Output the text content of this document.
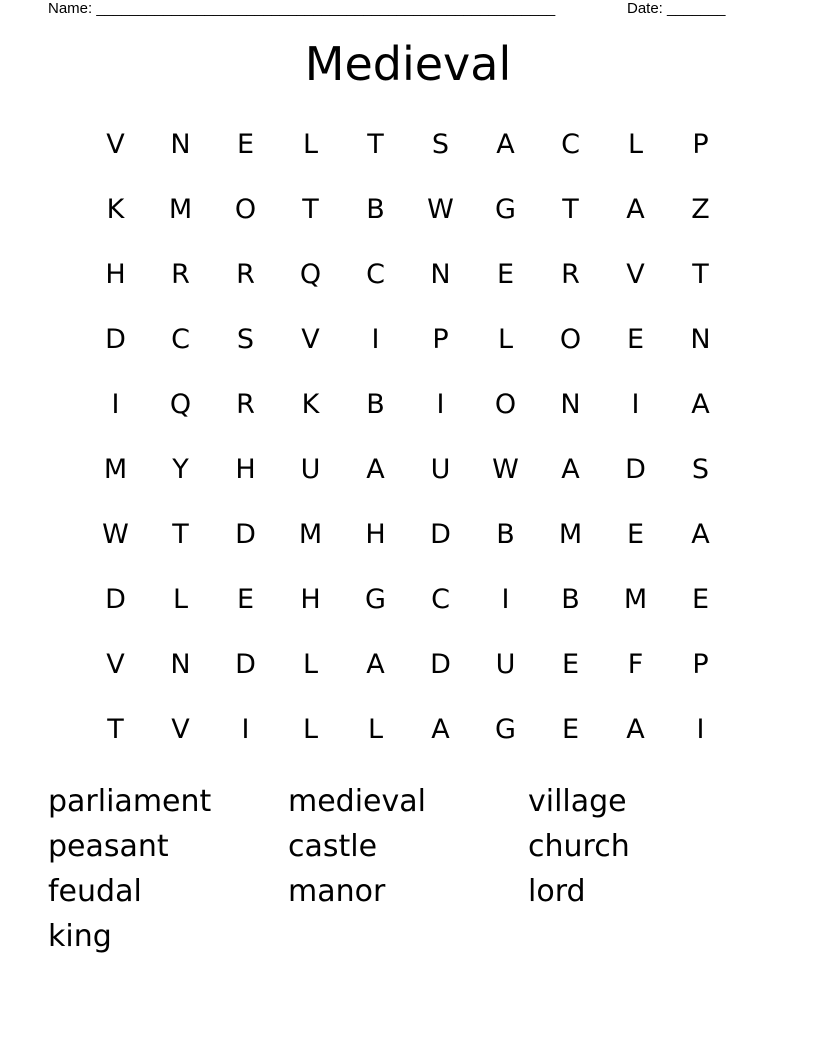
Name: _______________________________________________________	Date: _______
Medieval
V	N	E	L	T	S	A	C	L	P
K	M	O	T	B	W	G	T	A	Z
H	R	R	Q	C	N	E	R	V	T
D	C	S	V	I	P	L	O	E	N
I	Q	R	K	B	I	O	N	I	A
M	Y	H	U	A	U	W	A	D	S
W	T	D	M	H	D	B	M	E	A
D	L	E	H	G	C	I	B	M	E
V	N	D	L	A	D	U	E	F	P
T	V	I	L	L	A	G	E	A	I
parliament	medieval	village
peasant	castle	church
feudal	manor	lord
king
